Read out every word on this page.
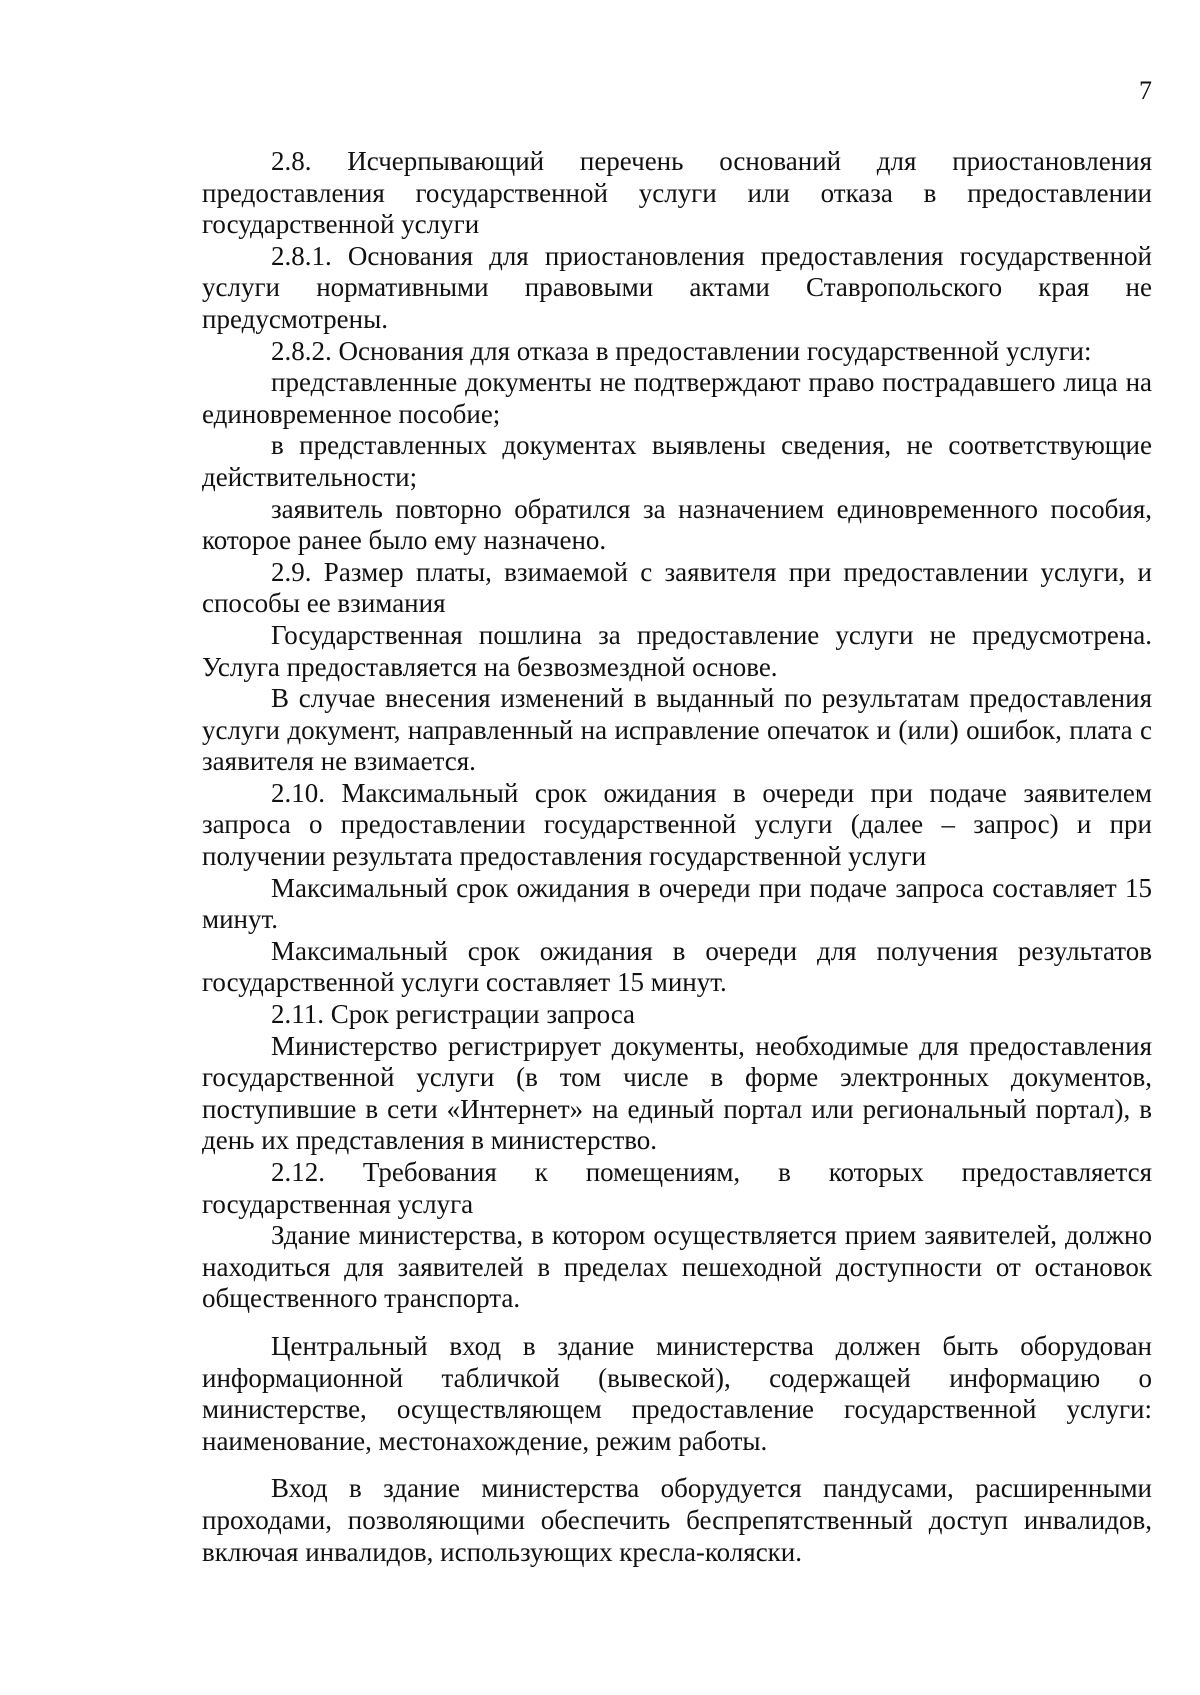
7

2.8. Исчерпывающий перечень оснований для приостановления предоставления государственной услуги или отказа в предоставлении государственной услуги

2.8.1. Основания для приостановления предоставления государственной услуги нормативными правовыми актами Ставропольского края не предусмотрены.

2.8.2. Основания для отказа в предоставлении государственной услуги:

представленные документы не подтверждают право пострадавшего лица на единовременное пособие;

в представленных документах выявлены сведения, не соответствующие действительности;

заявитель повторно обратился за назначением единовременного пособия, которое ранее было ему назначено.

2.9. Размер платы, взимаемой с заявителя при предоставлении услуги, и способы ее взимания

Государственная пошлина за предоставление услуги не предусмотрена. Услуга предоставляется на безвозмездной основе.

В случае внесения изменений в выданный по результатам предоставления услуги документ, направленный на исправление опечаток и (или) ошибок, плата с заявителя не взимается.

2.10. Максимальный срок ожидания в очереди при подаче заявителем запроса о предоставлении государственной услуги (далее – запрос) и при получении результата предоставления государственной услуги

Максимальный срок ожидания в очереди при подаче запроса составляет 15 минут.

Максимальный срок ожидания в очереди для получения результатов государственной услуги составляет 15 минут.

2.11. Срок регистрации запроса

Министерство регистрирует документы, необходимые для предоставления государственной услуги (в том числе в форме электронных документов, поступившие в сети «Интернет» на единый портал или региональный портал), в день их представления в министерство.

2.12. Требования к помещениям, в которых предоставляется государственная услуга

Здание министерства, в котором осуществляется прием заявителей, должно находиться для заявителей в пределах пешеходной доступности от остановок общественного транспорта.

Центральный вход в здание министерства должен быть оборудован информационной табличкой (вывеской), содержащей информацию о министерстве, осуществляющем предоставление государственной услуги: наименование, местонахождение, режим работы.

Вход в здание министерства оборудуется пандусами, расширенными проходами, позволяющими обеспечить беспрепятственный доступ инвалидов, включая инвалидов, использующих кресла-коляски.
